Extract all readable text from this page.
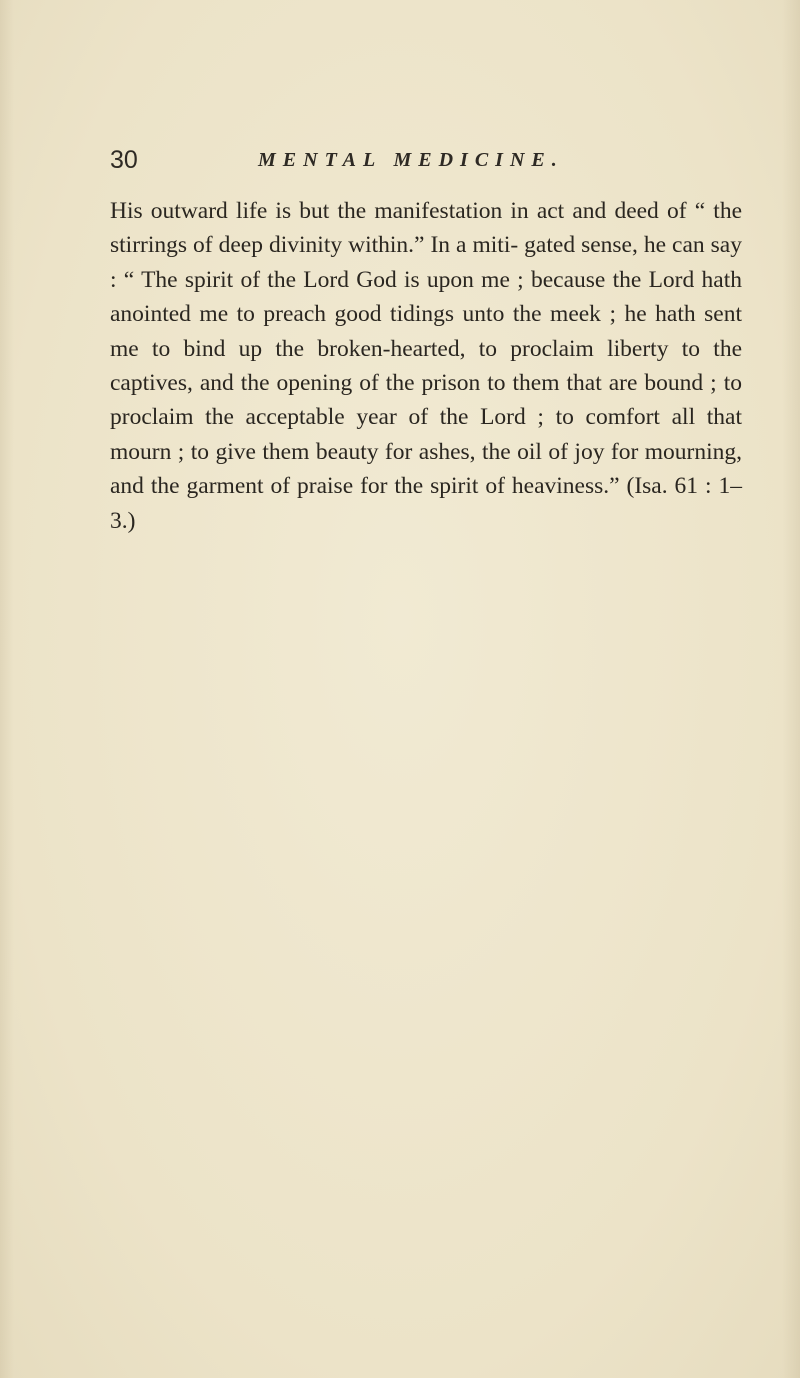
30	MENTAL MEDICINE.

His outward life is but the manifestation in act and deed of “ the stirrings of deep divinity within.” In a miti- gated sense, he can say : “ The spirit of the Lord God is upon me ; because the Lord hath anointed me to preach good tidings unto the meek ; he hath sent me to bind up the broken-hearted, to proclaim liberty to the captives, and the opening of the prison to them that are bound ; to proclaim the acceptable year of the Lord ; to comfort all that mourn ; to give them beauty for ashes, the oil of joy for mourning, and the garment of praise for the spirit of heaviness.” (Isa. 61 : 1–3.)
